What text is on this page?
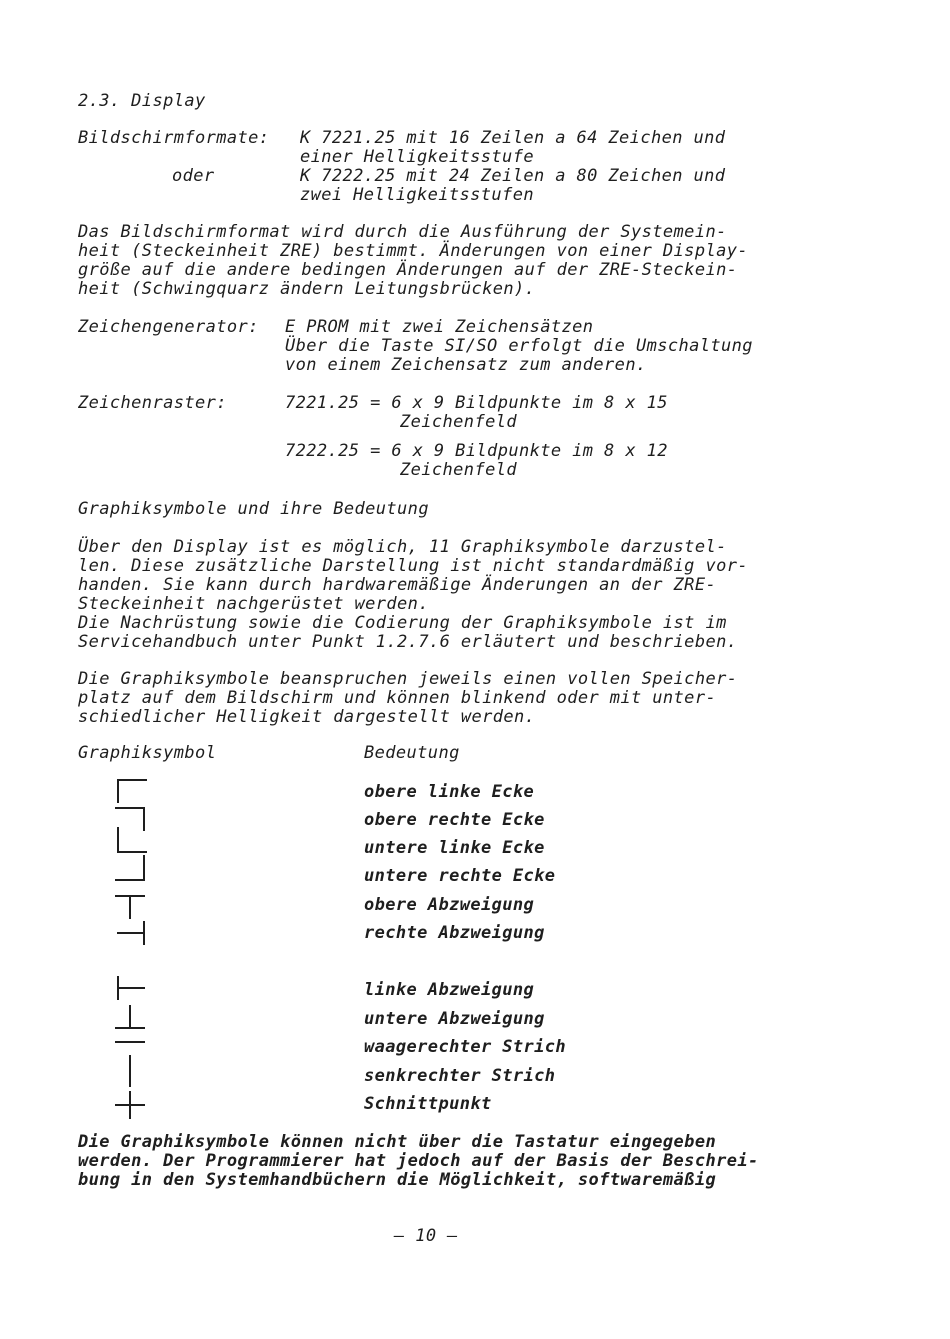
2.3. Display
Bildschirmformate: K 7221.25 mit 16 Zeilen a 64 Zeichen und
einer Helligkeitsstufe
oder	K 7222.25 mit 24 Zeilen a 80 Zeichen und
zwei Helligkeitsstufen
Das Bildschirmformat wird durch die Ausführung der Systemein-
heit (Steckeinheit ZRE) bestimmt. Änderungen von einer Display-
größe auf die andere bedingen Änderungen auf der ZRE-Steckein-
heit (Schwingquarz ändern Leitungsbrücken).
Zeichengenerator: E PROM mit zwei Zeichensätzen
Über die Taste SI/SO erfolgt die Umschaltung
von einem Zeichensatz zum anderen.
Zeichenraster:	7221.25 = 6 x 9 Bildpunkte im 8 x 15
Zeichenfeld
7222.25 = 6 x 9 Bildpunkte im 8 x 12
Zeichenfeld
Graphiksymbole und ihre Bedeutung
Über den Display ist es möglich, 11 Graphiksymbole darzustel-
len. Diese zusätzliche Darstellung ist nicht standardmäßig vor-
handen. Sie kann durch hardwaremäßige Änderungen an der ZRE-
Steckeinheit nachgerüstet werden.
Die Nachrüstung sowie die Codierung der Graphiksymbole ist im
Servicehandbuch unter Punkt 1.2.7.6 erläutert und beschrieben.
Die Graphiksymbole beanspruchen jeweils einen vollen Speicher-
platz auf dem Bildschirm und können blinkend oder mit unter-
schiedlicher Helligkeit dargestellt werden.
Graphiksymbol	Bedeutung
obere linke Ecke
obere rechte Ecke
untere linke Ecke
untere rechte Ecke
obere Abzweigung
rechte Abzweigung
linke Abzweigung
untere Abzweigung
waagerechter Strich
senkrechter Strich
Schnittpunkt
Die Graphiksymbole können nicht über die Tastatur eingegeben
werden. Der Programmierer hat jedoch auf der Basis der Beschrei-
bung in den Systemhandbüchern die Möglichkeit, softwaremäßig
– 10 –
